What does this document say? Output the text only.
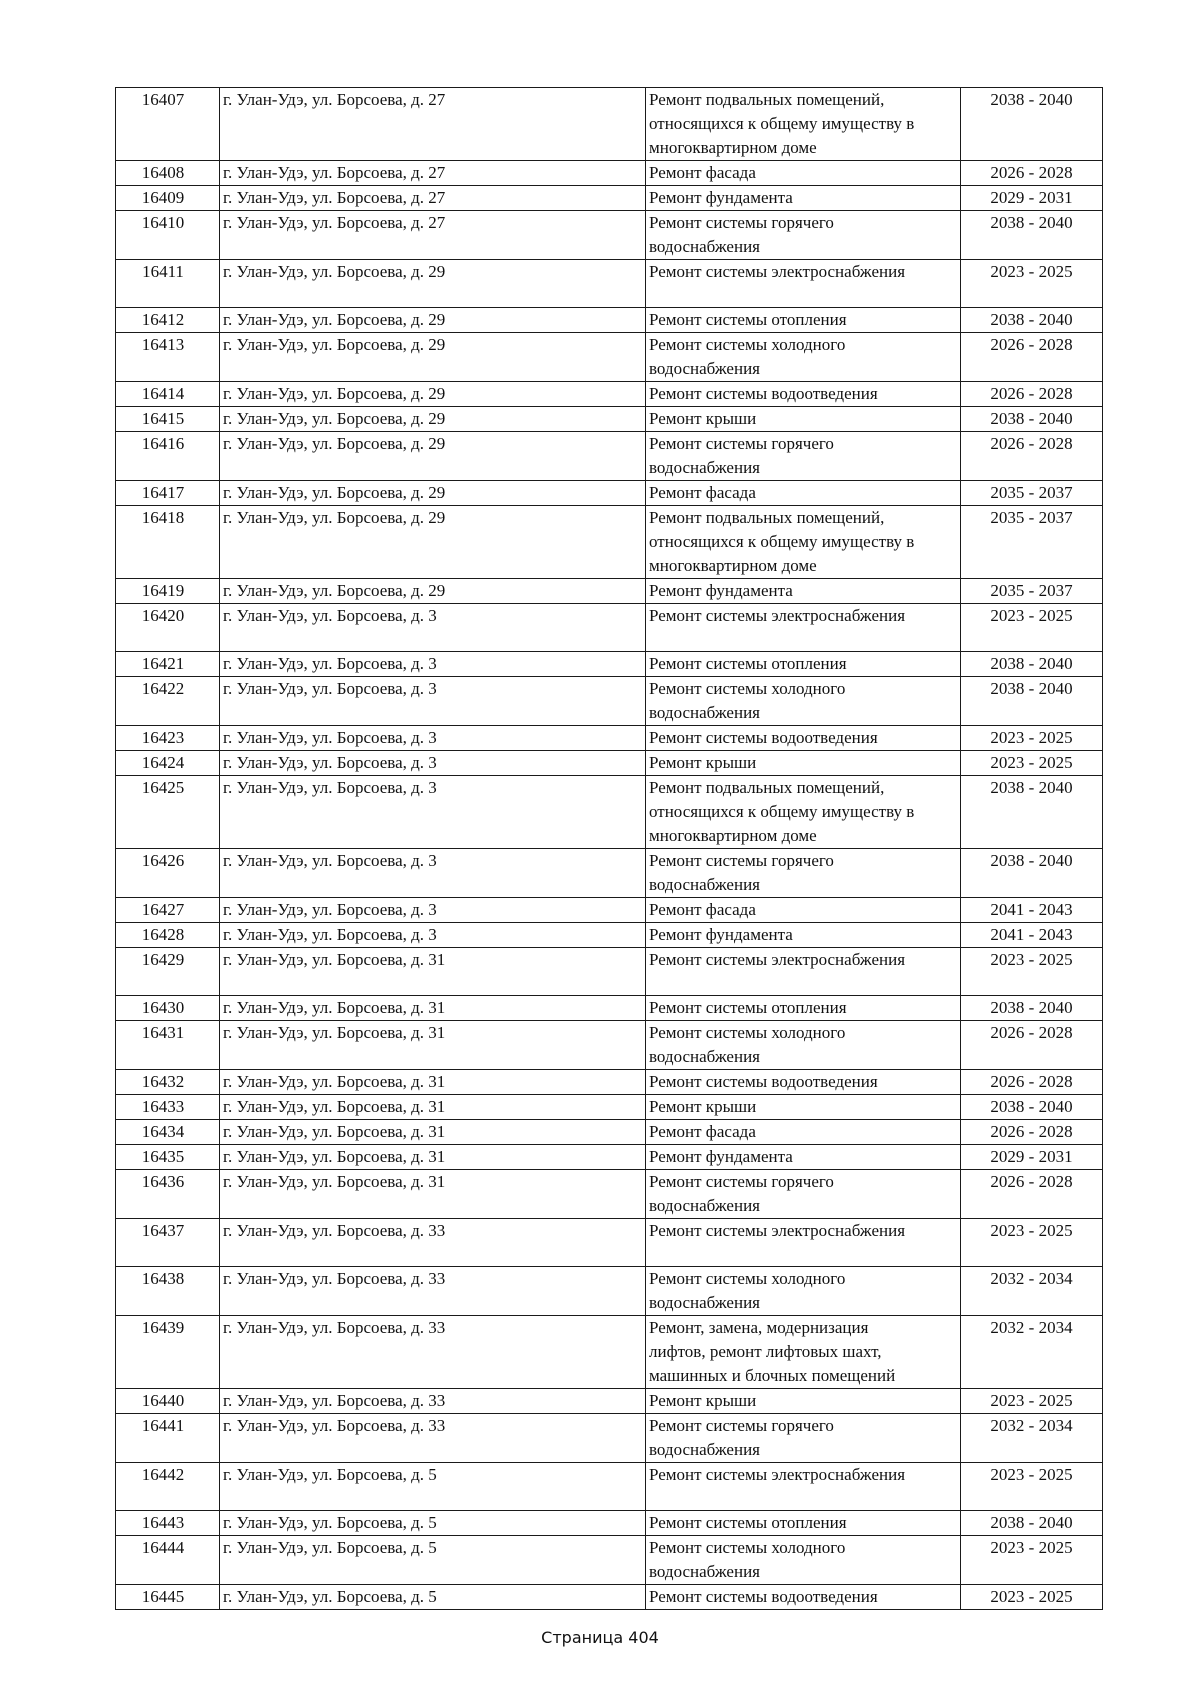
16407	г. Улан-Удэ, ул. Борсоева, д. 27	Ремонт подвальных помещений,
относящихся к общему имуществу в
многоквартирном доме	2038 - 2040
16408	г. Улан-Удэ, ул. Борсоева, д. 27	Ремонт фасада	2026 - 2028
16409	г. Улан-Удэ, ул. Борсоева, д. 27	Ремонт фундамента	2029 - 2031
16410	г. Улан-Удэ, ул. Борсоева, д. 27	Ремонт системы горячего
водоснабжения	2038 - 2040
16411	г. Улан-Удэ, ул. Борсоева, д. 29	Ремонт системы электроснабжения	2023 - 2025
16412	г. Улан-Удэ, ул. Борсоева, д. 29	Ремонт системы отопления	2038 - 2040
16413	г. Улан-Удэ, ул. Борсоева, д. 29	Ремонт системы холодного
водоснабжения	2026 - 2028
16414	г. Улан-Удэ, ул. Борсоева, д. 29	Ремонт системы водоотведения	2026 - 2028
16415	г. Улан-Удэ, ул. Борсоева, д. 29	Ремонт крыши	2038 - 2040
16416	г. Улан-Удэ, ул. Борсоева, д. 29	Ремонт системы горячего
водоснабжения	2026 - 2028
16417	г. Улан-Удэ, ул. Борсоева, д. 29	Ремонт фасада	2035 - 2037
16418	г. Улан-Удэ, ул. Борсоева, д. 29	Ремонт подвальных помещений,
относящихся к общему имуществу в
многоквартирном доме	2035 - 2037
16419	г. Улан-Удэ, ул. Борсоева, д. 29	Ремонт фундамента	2035 - 2037
16420	г. Улан-Удэ, ул. Борсоева, д. 3	Ремонт системы электроснабжения	2023 - 2025
16421	г. Улан-Удэ, ул. Борсоева, д. 3	Ремонт системы отопления	2038 - 2040
16422	г. Улан-Удэ, ул. Борсоева, д. 3	Ремонт системы холодного
водоснабжения	2038 - 2040
16423	г. Улан-Удэ, ул. Борсоева, д. 3	Ремонт системы водоотведения	2023 - 2025
16424	г. Улан-Удэ, ул. Борсоева, д. 3	Ремонт крыши	2023 - 2025
16425	г. Улан-Удэ, ул. Борсоева, д. 3	Ремонт подвальных помещений,
относящихся к общему имуществу в
многоквартирном доме	2038 - 2040
16426	г. Улан-Удэ, ул. Борсоева, д. 3	Ремонт системы горячего
водоснабжения	2038 - 2040
16427	г. Улан-Удэ, ул. Борсоева, д. 3	Ремонт фасада	2041 - 2043
16428	г. Улан-Удэ, ул. Борсоева, д. 3	Ремонт фундамента	2041 - 2043
16429	г. Улан-Удэ, ул. Борсоева, д. 31	Ремонт системы электроснабжения	2023 - 2025
16430	г. Улан-Удэ, ул. Борсоева, д. 31	Ремонт системы отопления	2038 - 2040
16431	г. Улан-Удэ, ул. Борсоева, д. 31	Ремонт системы холодного
водоснабжения	2026 - 2028
16432	г. Улан-Удэ, ул. Борсоева, д. 31	Ремонт системы водоотведения	2026 - 2028
16433	г. Улан-Удэ, ул. Борсоева, д. 31	Ремонт крыши	2038 - 2040
16434	г. Улан-Удэ, ул. Борсоева, д. 31	Ремонт фасада	2026 - 2028
16435	г. Улан-Удэ, ул. Борсоева, д. 31	Ремонт фундамента	2029 - 2031
16436	г. Улан-Удэ, ул. Борсоева, д. 31	Ремонт системы горячего
водоснабжения	2026 - 2028
16437	г. Улан-Удэ, ул. Борсоева, д. 33	Ремонт системы электроснабжения	2023 - 2025
16438	г. Улан-Удэ, ул. Борсоева, д. 33	Ремонт системы холодного
водоснабжения	2032 - 2034
16439	г. Улан-Удэ, ул. Борсоева, д. 33	Ремонт, замена, модернизация
лифтов, ремонт лифтовых шахт,
машинных и блочных помещений	2032 - 2034
16440	г. Улан-Удэ, ул. Борсоева, д. 33	Ремонт крыши	2023 - 2025
16441	г. Улан-Удэ, ул. Борсоева, д. 33	Ремонт системы горячего
водоснабжения	2032 - 2034
16442	г. Улан-Удэ, ул. Борсоева, д. 5	Ремонт системы электроснабжения	2023 - 2025
16443	г. Улан-Удэ, ул. Борсоева, д. 5	Ремонт системы отопления	2038 - 2040
16444	г. Улан-Удэ, ул. Борсоева, д. 5	Ремонт системы холодного
водоснабжения	2023 - 2025
16445	г. Улан-Удэ, ул. Борсоева, д. 5	Ремонт системы водоотведения	2023 - 2025
Страница 404
